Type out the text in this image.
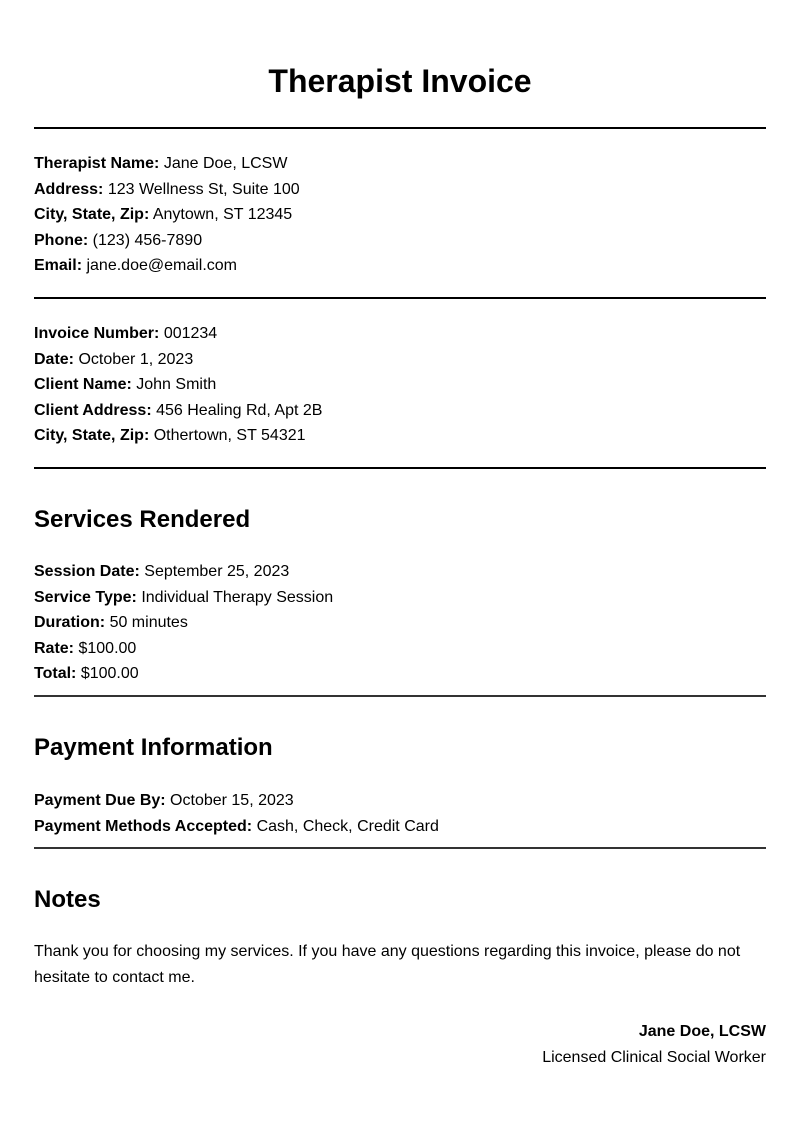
Therapist Invoice
Therapist Name: Jane Doe, LCSW
Address: 123 Wellness St, Suite 100
City, State, Zip: Anytown, ST 12345
Phone: (123) 456-7890
Email: jane.doe@email.com
Invoice Number: 001234
Date: October 1, 2023
Client Name: John Smith
Client Address: 456 Healing Rd, Apt 2B
City, State, Zip: Othertown, ST 54321
Services Rendered
Session Date: September 25, 2023
Service Type: Individual Therapy Session
Duration: 50 minutes
Rate: $100.00
Total: $100.00
Payment Information
Payment Due By: October 15, 2023
Payment Methods Accepted: Cash, Check, Credit Card
Notes

Thank you for choosing my services. If you have any questions regarding this invoice, please do not hesitate to contact me.

Jane Doe, LCSW
Licensed Clinical Social Worker
